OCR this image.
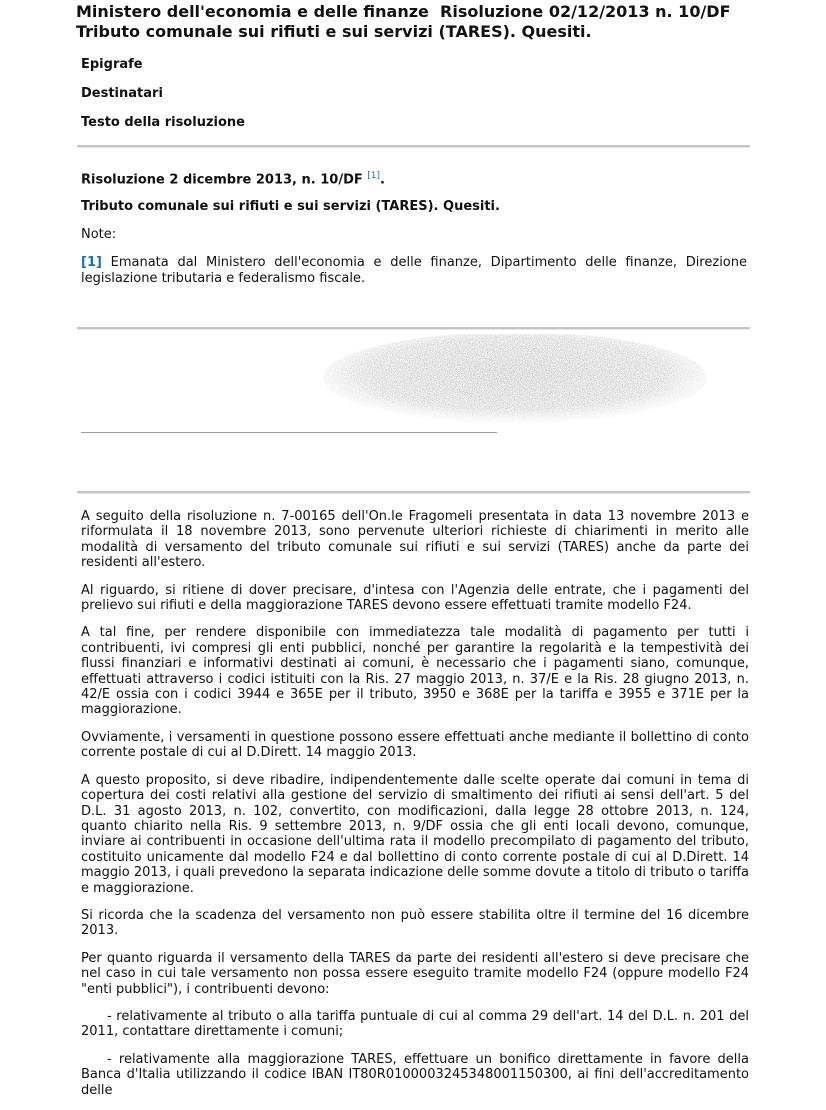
Ministero dell'economia e delle finanze  Risoluzione 02/12/2013 n. 10/DF
Tributo comunale sui rifiuti e sui servizi (TARES). Quesiti.
Epigrafe
Destinatari
Testo della risoluzione
Risoluzione 2 dicembre 2013, n. 10/DF [1].
Tributo comunale sui rifiuti e sui servizi (TARES). Quesiti.
Note:
[1] Emanata dal Ministero dell'economia e delle finanze, Dipartimento delle finanze, Direzione legislazione tributaria e federalismo fiscale.

A seguito della risoluzione n. 7-00165 dell'On.le Fragomeli presentata in data 13 novembre 2013 e riformulata il 18 novembre 2013, sono pervenute ulteriori richieste di chiarimenti in merito alle modalità di versamento del tributo comunale sui rifiuti e sui servizi (TARES) anche da parte dei residenti all'estero.

Al riguardo, si ritiene di dover precisare, d'intesa con l'Agenzia delle entrate, che i pagamenti del prelievo sui rifiuti e della maggiorazione TARES devono essere effettuati tramite modello F24.

A tal fine, per rendere disponibile con immediatezza tale modalità di pagamento per tutti i contribuenti, ivi compresi gli enti pubblici, nonché per garantire la regolarità e la tempestività dei flussi finanziari e informativi destinati ai comuni, è necessario che i pagamenti siano, comunque, effettuati attraverso i codici istituiti con la Ris. 27 maggio 2013, n. 37/E e la Ris. 28 giugno 2013, n. 42/E ossia con i codici 3944 e 365E per il tributo, 3950 e 368E per la tariffa e 3955 e 371E per la maggiorazione.

Ovviamente, i versamenti in questione possono essere effettuati anche mediante il bollettino di conto corrente postale di cui al D.Dirett. 14 maggio 2013.

A questo proposito, si deve ribadire, indipendentemente dalle scelte operate dai comuni in tema di copertura dei costi relativi alla gestione del servizio di smaltimento dei rifiuti ai sensi dell'art. 5 del D.L. 31 agosto 2013, n. 102, convertito, con modificazioni, dalla legge 28 ottobre 2013, n. 124, quanto chiarito nella Ris. 9 settembre 2013, n. 9/DF ossia che gli enti locali devono, comunque, inviare ai contribuenti in occasione dell'ultima rata il modello precompilato di pagamento del tributo, costituito unicamente dal modello F24 e dal bollettino di conto corrente postale di cui al D.Dirett. 14 maggio 2013, i quali prevedono la separata indicazione delle somme dovute a titolo di tributo o tariffa e maggiorazione.

Si ricorda che la scadenza del versamento non può essere stabilita oltre il termine del 16 dicembre 2013.

Per quanto riguarda il versamento della TARES da parte dei residenti all'estero si deve precisare che nel caso in cui tale versamento non possa essere eseguito tramite modello F24 (oppure modello F24 "enti pubblici"), i contribuenti devono:

- relativamente al tributo o alla tariffa puntuale di cui al comma 29 dell'art. 14 del D.L. n. 201 del 2011, contattare direttamente i comuni;

- relativamente alla maggiorazione TARES, effettuare un bonifico direttamente in favore della Banca d'Italia utilizzando il codice IBAN IT80R0100003245348001150300, ai fini dell'accreditamento delle
